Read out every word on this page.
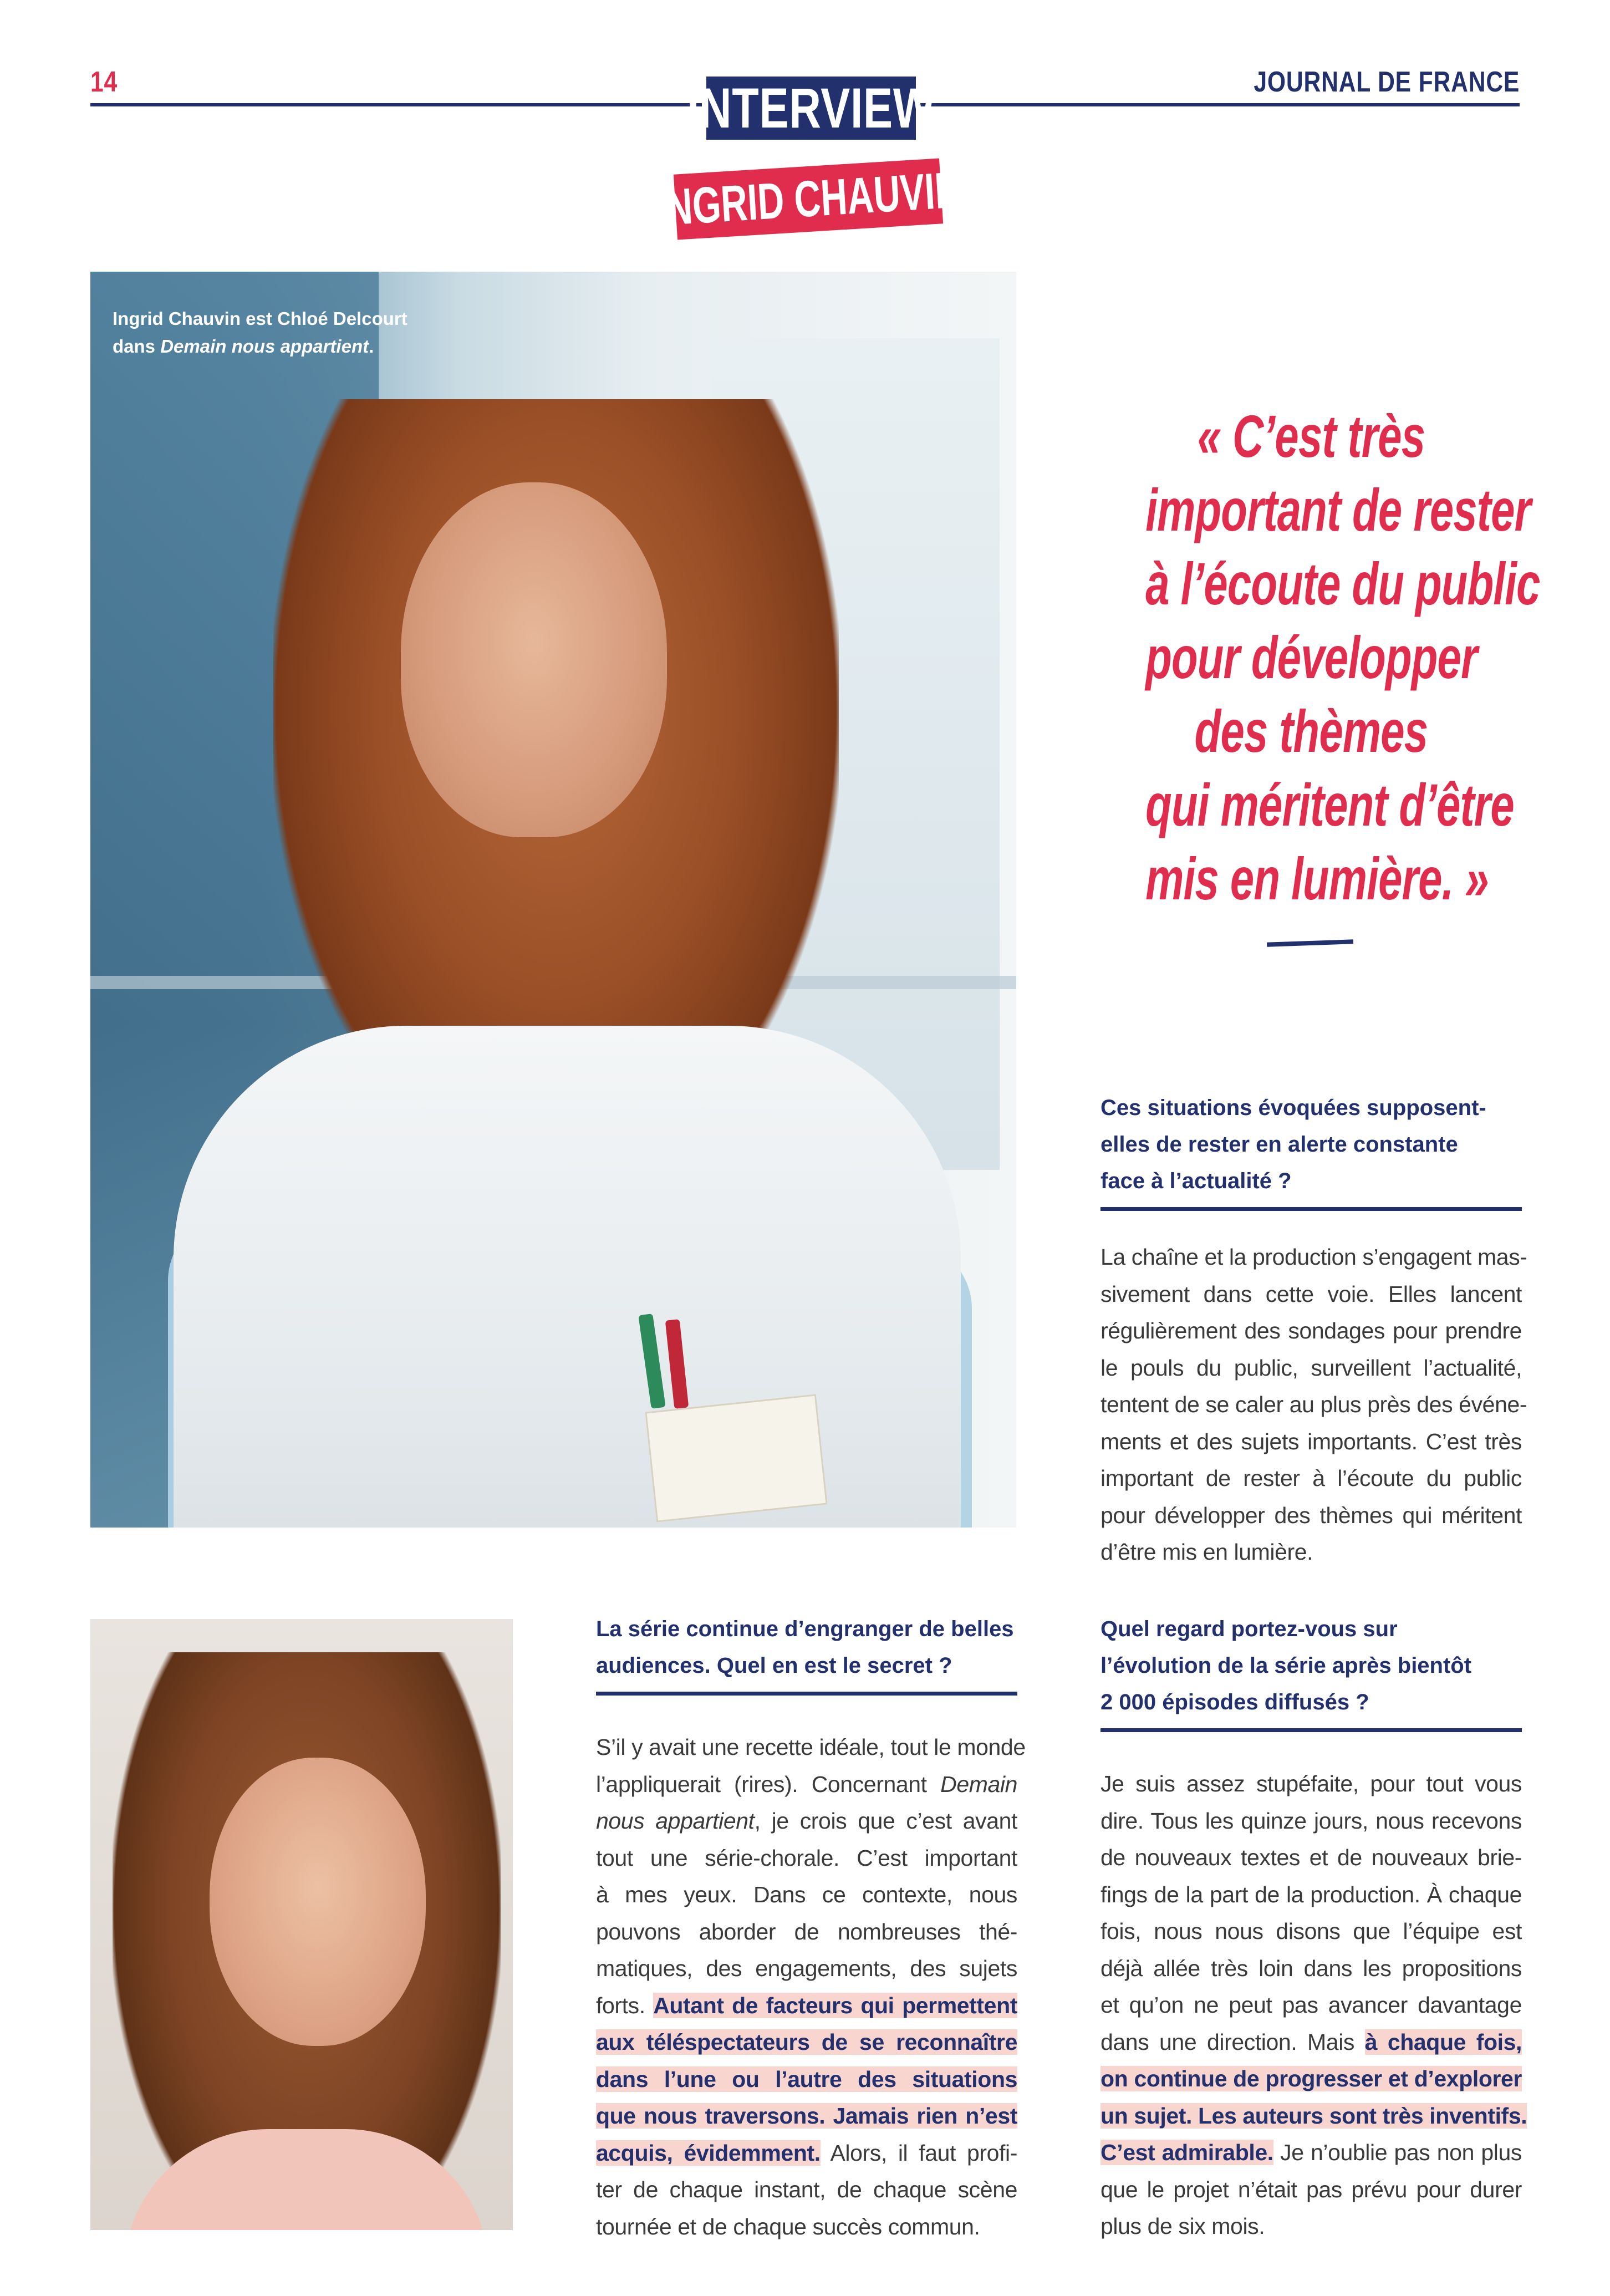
14	JOURNAL DE FRANCE
INTERVIEW
INGRID CHAUVIN
Ingrid Chauvin est Chloé Delcourt
dans Demain nous appartient.
« C’est très
important de rester
à l’écoute du public
pour développer
des thèmes
qui méritent d’être
mis en lumière. »
Ces situations évoquées supposent-
elles de rester en alerte constante
face à l’actualité ?
La chaîne et la production s’engagent mas-
sivement dans cette voie. Elles lancent
régulièrement des sondages pour prendre
le pouls du public, surveillent l’actualité,
tentent de se caler au plus près des événe-
ments et des sujets importants. C’est très
important de rester à l’écoute du public
pour développer des thèmes qui méritent
d’être mis en lumière.
La série continue d’engranger de belles
audiences. Quel en est le secret ?
S’il y avait une recette idéale, tout le monde
l’appliquerait (rires). Concernant Demain
nous appartient, je crois que c’est avant
tout une série-chorale. C’est important
à mes yeux. Dans ce contexte, nous
pouvons aborder de nombreuses thé-
matiques, des engagements, des sujets
forts. Autant de facteurs qui permettent
aux téléspectateurs de se reconnaître
dans l’une ou l’autre des situations
que nous traversons. Jamais rien n’est
acquis, évidemment. Alors, il faut profi-
ter de chaque instant, de chaque scène
tournée et de chaque succès commun.
Quel regard portez-vous sur
l’évolution de la série après bientôt
2 000 épisodes diffusés ?
Je suis assez stupéfaite, pour tout vous
dire. Tous les quinze jours, nous recevons
de nouveaux textes et de nouveaux brie-
fings de la part de la production. À chaque
fois, nous nous disons que l’équipe est
déjà allée très loin dans les propositions
et qu’on ne peut pas avancer davantage
dans une direction. Mais à chaque fois,
on continue de progresser et d’explorer
un sujet. Les auteurs sont très inventifs.
C’est admirable. Je n’oublie pas non plus
que le projet n’était pas prévu pour durer
plus de six mois.
